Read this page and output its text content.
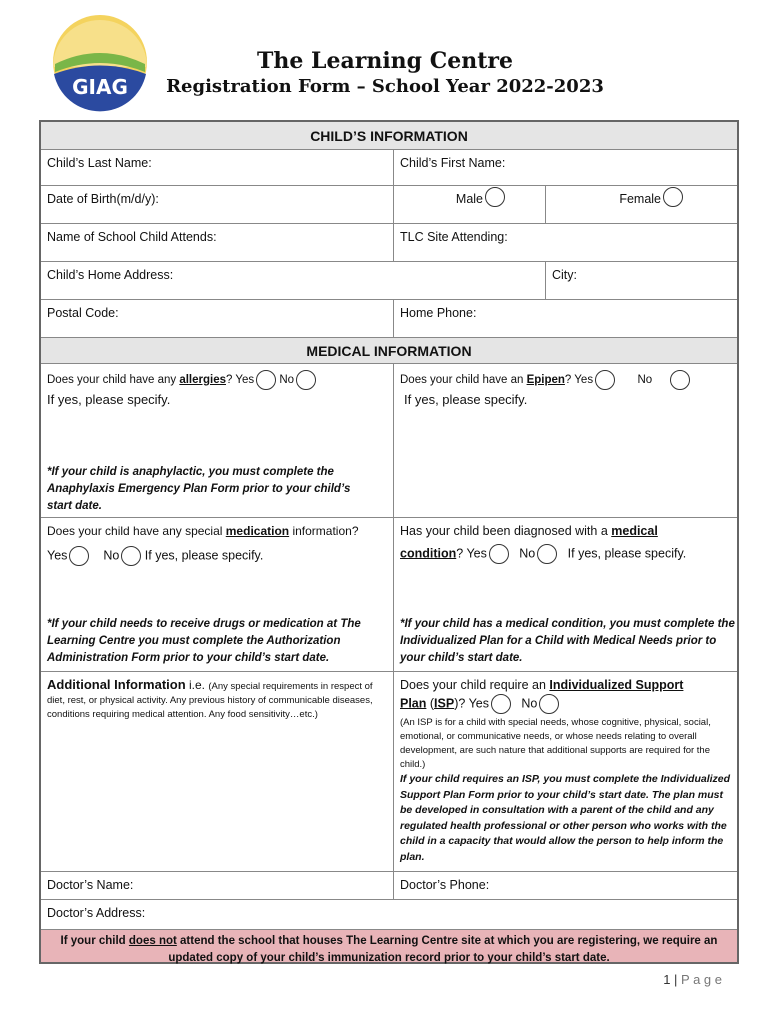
GIAG
The Learning Centre
Registration Form – School Year 2022-2023
CHILD’S INFORMATION
Child’s Last Name:	Child’s First Name:
Date of Birth(m/d/y):	Male	Female
Name of School Child Attends:	TLC Site Attending:
Child’s Home Address:	City:
Postal Code:	Home Phone:
MEDICAL INFORMATION
Does your child have any allergies? Yes No
If yes, please specify.
*If your child is anaphylactic, you must complete the Anaphylaxis Emergency Plan Form prior to your child’s start date.
Does your child have an Epipen? Yes	No
If yes, please specify.
Does your child have any special medication information?
Yes	No If yes, please specify.
*If your child needs to receive drugs or medication at The Learning Centre you must complete the Authorization Administration Form prior to your child’s start date.
Has your child been diagnosed with a medical
condition? Yes	No	If yes, please specify.
*If your child has a medical condition, you must complete the Individualized Plan for a Child with Medical Needs prior to your child’s start date.
Additional Information i.e. (Any special requirements in respect of diet, rest, or physical activity. Any previous history of communicable diseases, conditions requiring medical attention. Any food sensitivity…etc.)
Does your child require an Individualized Support
Plan (ISP)? Yes	No
(An ISP is for a child with special needs, whose cognitive, physical, social, emotional, or communicative needs, or whose needs relating to overall development, are such nature that additional supports are required for the child.)
If your child requires an ISP, you must complete the Individualized Support Plan Form prior to your child’s start date. The plan must be developed in consultation with a parent of the child and any regulated health professional or other person who works with the child in a capacity that would allow the person to help inform the plan.
Doctor’s Name:	Doctor’s Phone:
Doctor’s Address:
If your child does not attend the school that houses The Learning Centre site at which you are registering, we require an updated copy of your child’s immunization record prior to your child’s start date.
1 | P a g e
